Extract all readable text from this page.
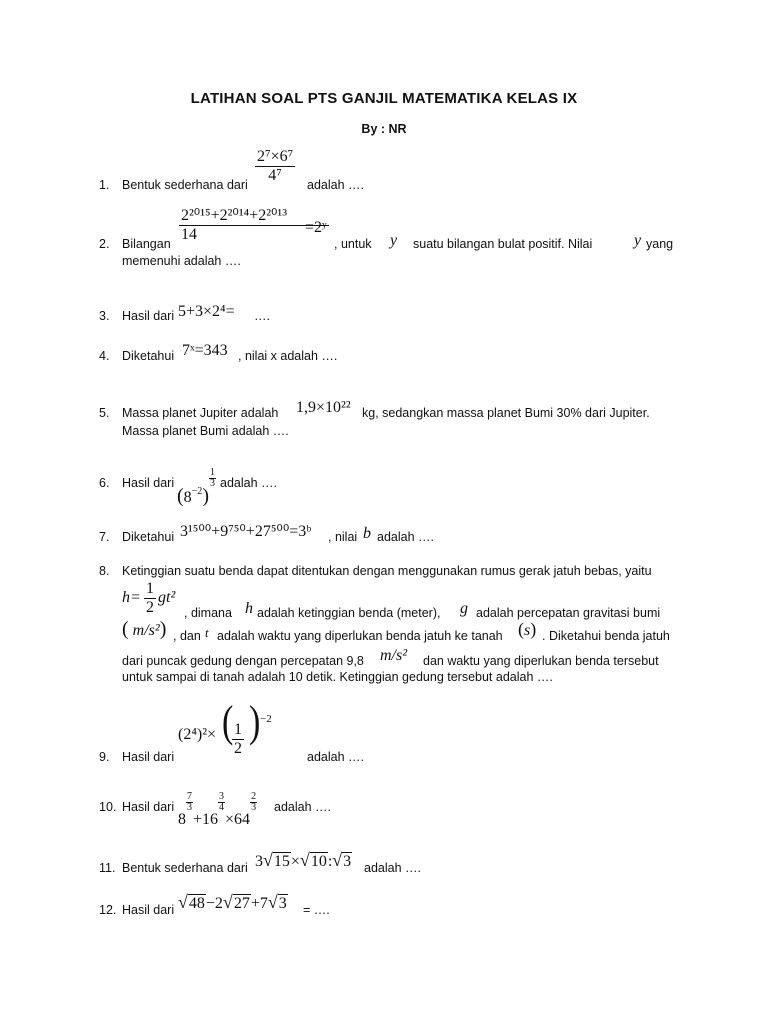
LATIHAN SOAL PTS GANJIL MATEMATIKA KELAS IX
By : NR
1.	Bentuk sederhana dari $\frac{\text{2⁷×6⁷}}{\text{4⁷}}$ adalah ….
2.	Bilangan $\frac{\text{2²⁰¹⁵+2²⁰¹⁴+2²⁰¹³}}{14}$
=2ʸ
, untuk y suatu bilangan bulat positif. Nilai	y yang
memenuhi adalah ….
3.	Hasil dari 5+3×2⁴= ….
4.	Diketahui 7ˣ=343 , nilai x adalah ….
5.	Massa planet Jupiter adalah 1,9×10²² kg, sedangkan massa planet Bumi 30% dari Jupiter.
Massa planet Bumi adalah ….
6.	Hasil dari
$(8^{-2})$
$\frac{1}{3}$ adalah ….
7.	Diketahui 3¹⁵⁰⁰+9⁷⁵⁰+27⁵⁰⁰=3ᵇ , nilai b adalah ….
8.	Ketinggian suatu benda dapat ditentukan dengan menggunakan rumus gerak jatuh bebas, yaitu
$h= \frac{1}{2} gt^2$
, dimana h adalah ketinggian benda (meter), g adalah percepatan gravitasi bumi
( m/s²) , dan t adalah waktu yang diperlukan benda jatuh ke tanah (s) . Diketahui benda jatuh
dari puncak gedung dengan percepatan 9,8 m/s² dan waktu yang diperlukan benda tersebut
untuk sampai di tanah adalah 10 detik. Ketinggian gedung tersebut adalah ….
9.	Hasil dari
(2⁴)²× (
$\frac{1}{2}$ ) −2
adalah ….
10. Hasil dari
8
$\frac{7}{3}$
+16
$\frac{3}{4}$
×64
$\frac{2}{3}$ adalah ….
11. Bentuk sederhana dari 3√15×√10:√3 adalah ….
12. Hasil dari √48−2√27+7√3 = ….
